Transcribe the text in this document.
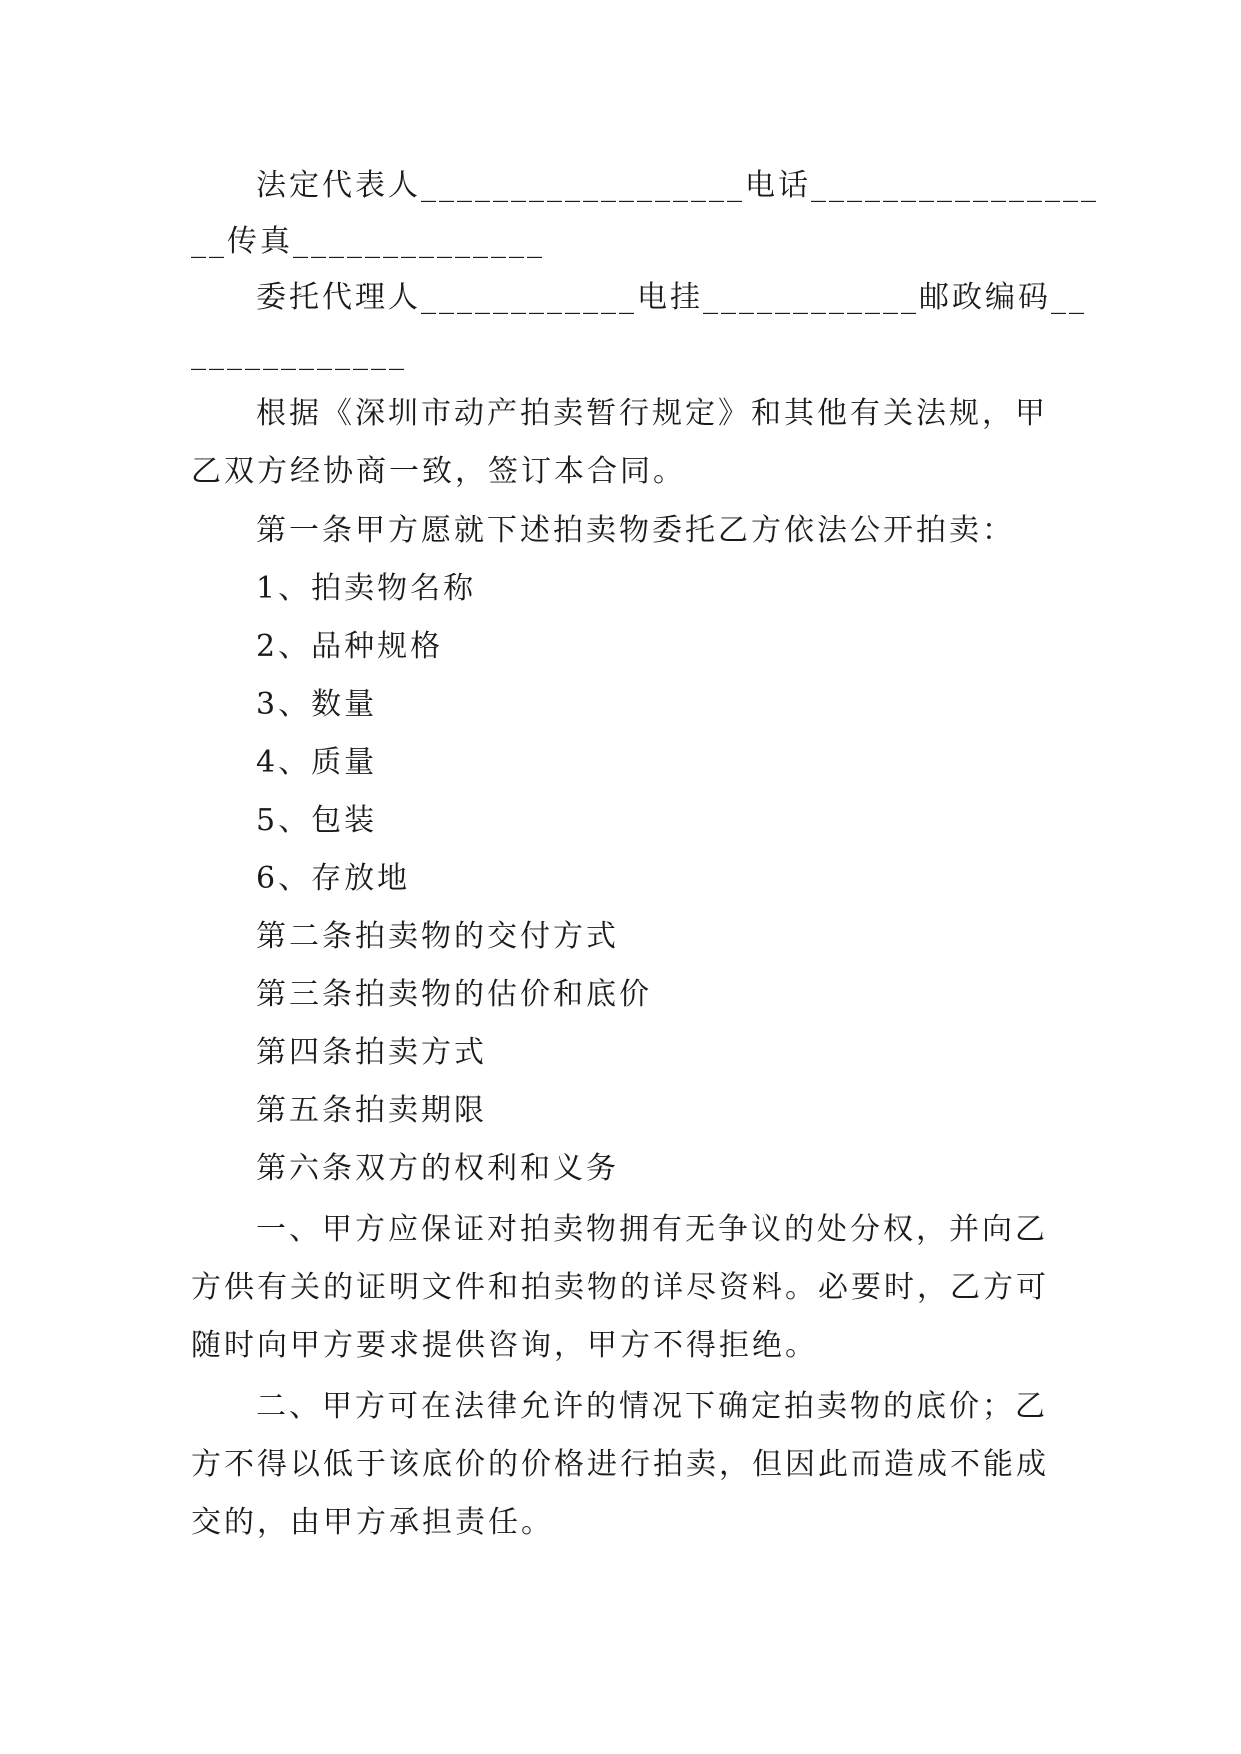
法定代表人__________________电话________________
__传真______________
委托代理人____________电挂____________邮政编码__
____________
根据《深圳市动产拍卖暂行规定》和其他有关法规，甲
乙双方经协商一致，签订本合同。
第一条甲方愿就下述拍卖物委托乙方依法公开拍卖：
1、拍卖物名称
2、品种规格
3、数量
4、质量
5、包装
6、存放地
第二条拍卖物的交付方式
第三条拍卖物的估价和底价
第四条拍卖方式
第五条拍卖期限
第六条双方的权利和义务
一、甲方应保证对拍卖物拥有无争议的处分权，并向乙
方供有关的证明文件和拍卖物的详尽资料。必要时，乙方可
随时向甲方要求提供咨询，甲方不得拒绝。
二、甲方可在法律允许的情况下确定拍卖物的底价；乙
方不得以低于该底价的价格进行拍卖，但因此而造成不能成
交的，由甲方承担责任。
